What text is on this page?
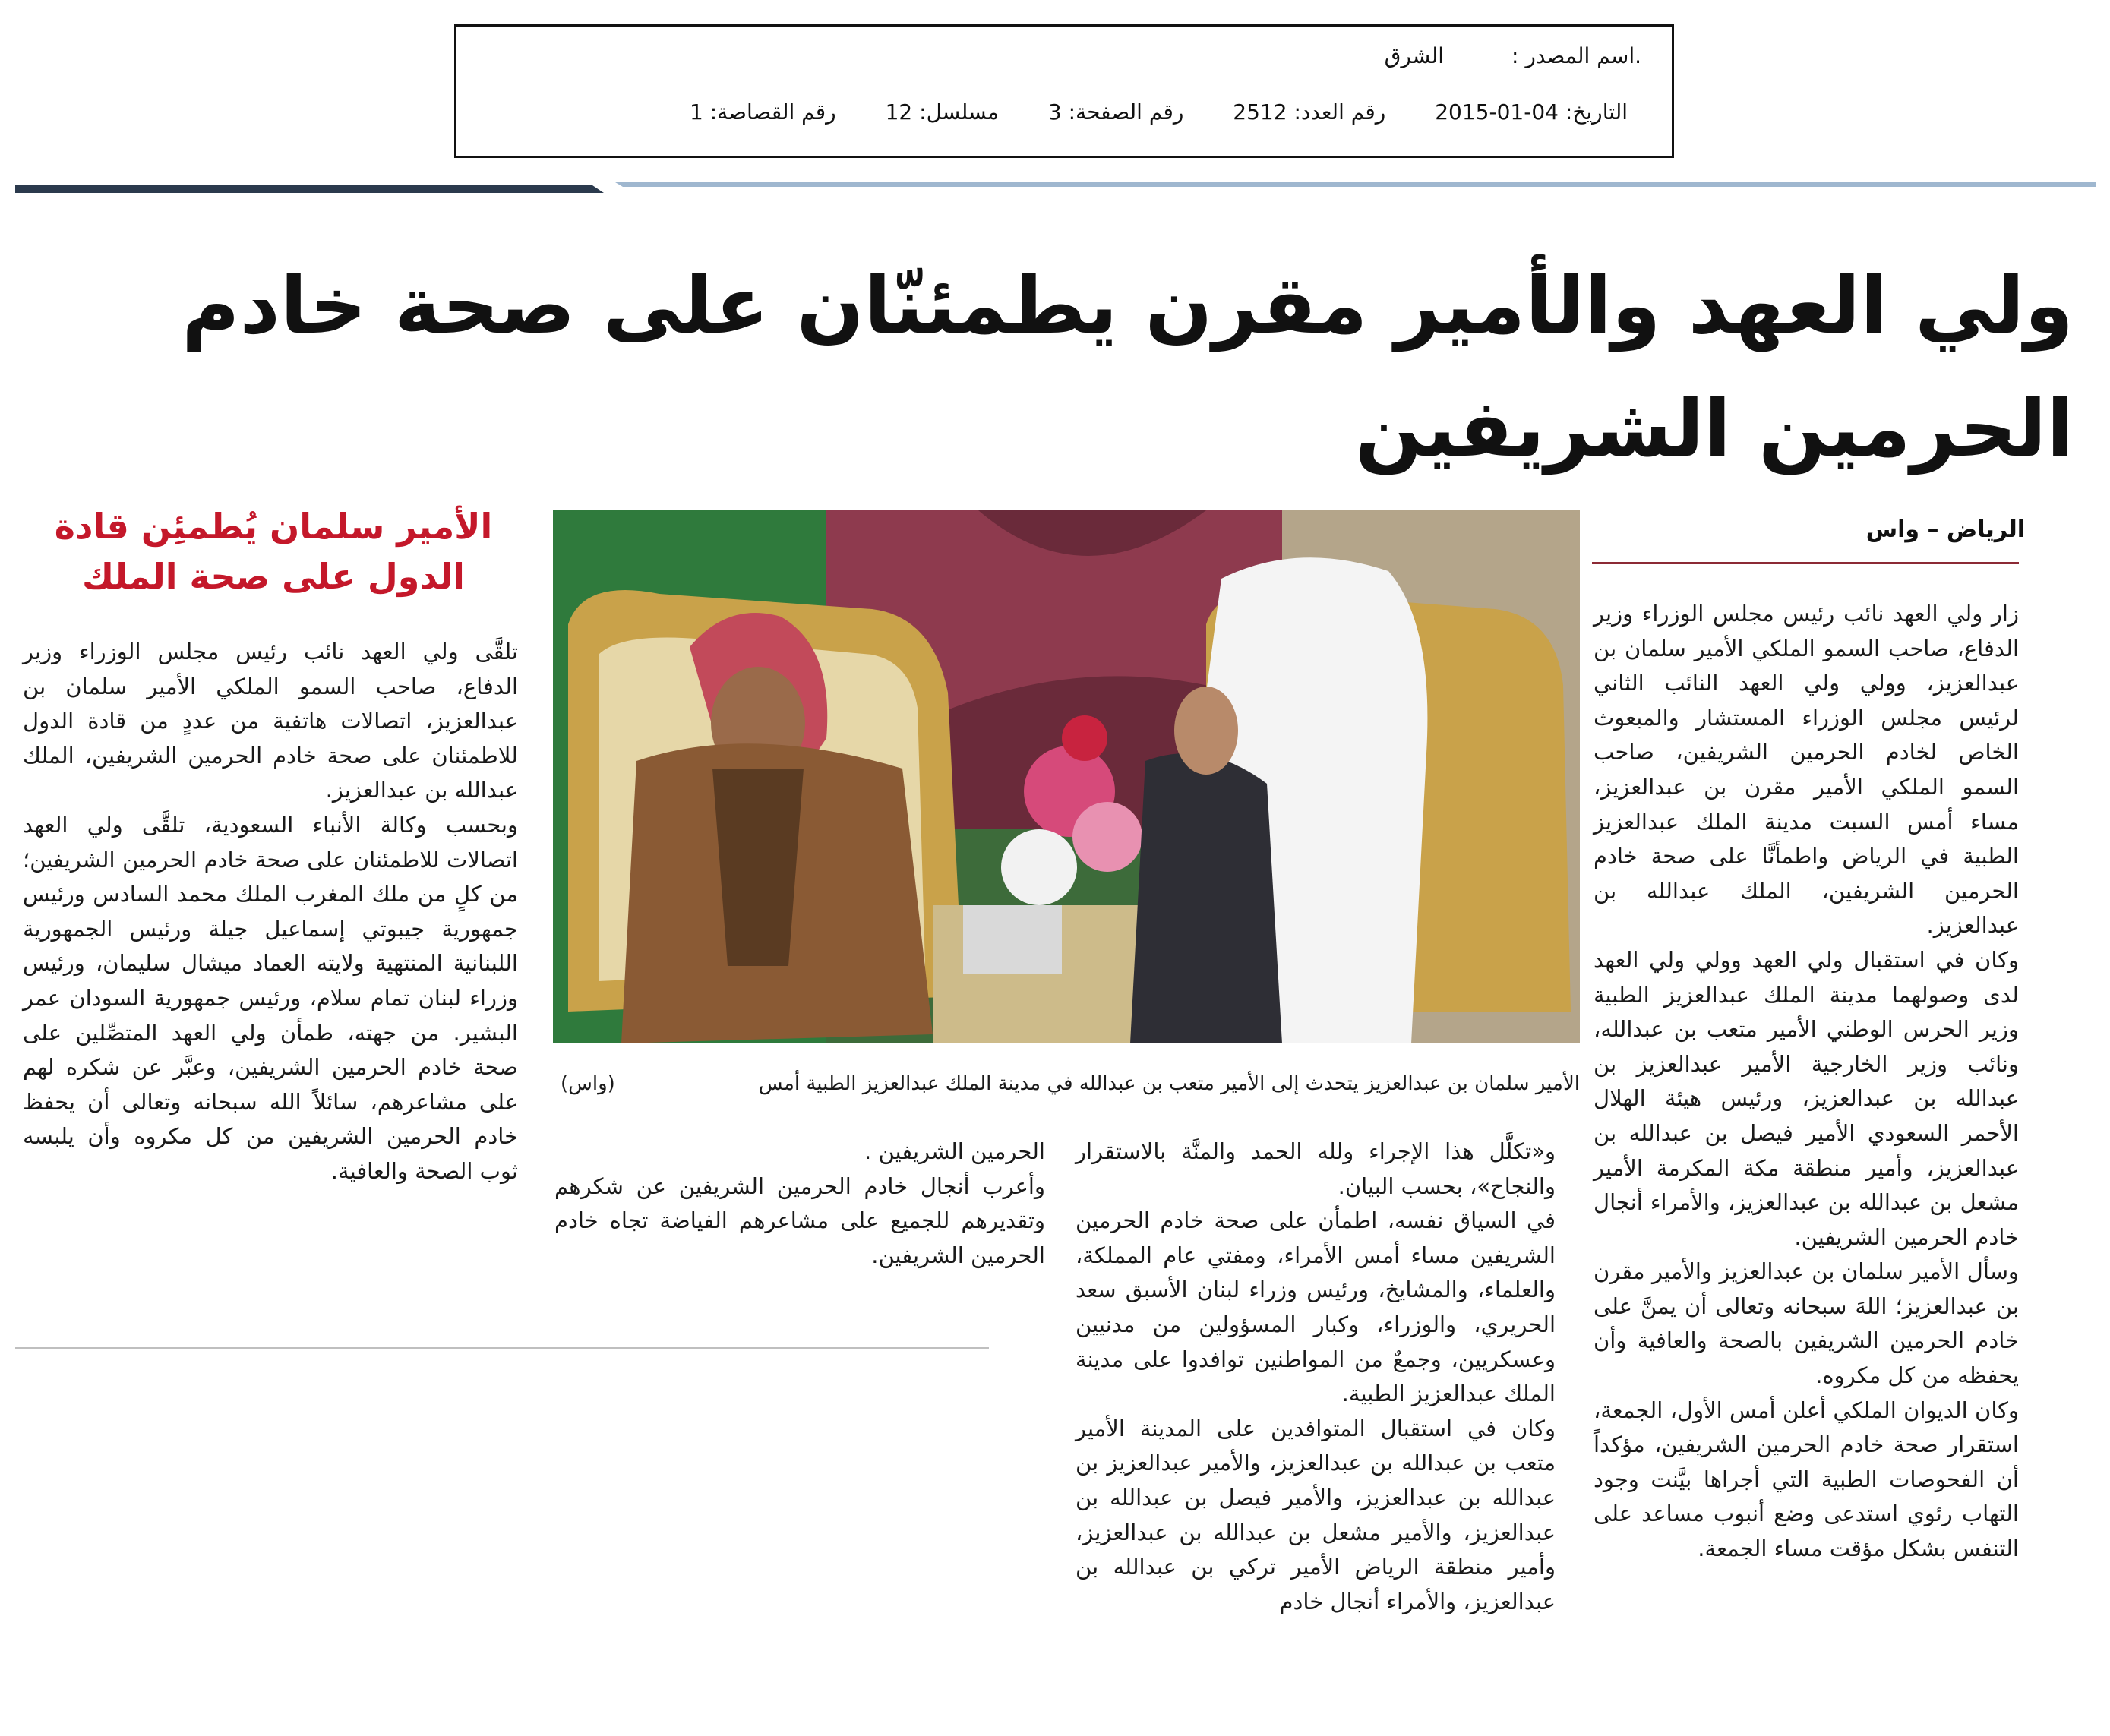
.اسم المصدر : الشرق
التاريخ: 04-01-2015 رقم العدد: 2512 رقم الصفحة: 3 مسلسل: 12 رقم القصاصة: 1
ولي العهد والأمير مقرن يطمئنّان على صحة خادم
الحرمين الشريفين
الرياض – واس

زار ولي العهد نائب رئيس مجلس الوزراء وزير الدفاع، صاحب السمو الملكي الأمير سلمان بن عبدالعزيز، وولي ولي العهد النائب الثاني لرئيس مجلس الوزراء المستشار والمبعوث الخاص لخادم الحرمين الشريفين، صاحب السمو الملكي الأمير مقرن بن عبدالعزيز، مساء أمس السبت مدينة الملك عبدالعزيز الطبية في الرياض واطمأنَّا على صحة خادم الحرمين الشريفين، الملك عبدالله بن عبدالعزيز.

وكان في استقبال ولي العهد وولي ولي العهد لدى وصولهما مدينة الملك عبدالعزيز الطبية وزير الحرس الوطني الأمير متعب بن عبدالله، ونائب وزير الخارجية الأمير عبدالعزيز بن عبدالله بن عبدالعزيز، ورئيس هيئة الهلال الأحمر السعودي الأمير فيصل بن عبدالله بن عبدالعزيز، وأمير منطقة مكة المكرمة الأمير مشعل بن عبدالله بن عبدالعزيز، والأمراء أنجال خادم الحرمين الشريفين.

وسأل الأمير سلمان بن عبدالعزيز والأمير مقرن بن عبدالعزيز؛ اللهَ سبحانه وتعالى أن يمنَّ على خادم الحرمين الشريفين بالصحة والعافية وأن يحفظه من كل مكروه.

وكان الديوان الملكي أعلن أمس الأول، الجمعة، استقرار صحة خادم الحرمين الشريفين، مؤكداً أن الفحوصات الطبية التي أجراها بيَّنت وجود التهاب رئوي استدعى وضع أنبوب مساعد على التنفس بشكل مؤقت مساء الجمعة.

الأمير سلمان بن عبدالعزيز يتحدث إلى الأمير متعب بن عبدالله في مدينة الملك عبدالعزيز الطبية أمس
(واس)

و«تكلَّل هذا الإجراء ولله الحمد والمنَّة بالاستقرار والنجاح»، بحسب البيان.

في السياق نفسه، اطمأن على صحة خادم الحرمين الشريفين مساء أمس الأمراء، ومفتي عام المملكة، والعلماء، والمشايخ، ورئيس وزراء لبنان الأسبق سعد الحريري، والوزراء، وكبار المسؤولين من مدنيين وعسكريين، وجمعٌ من المواطنين توافدوا على مدينة الملك عبدالعزيز الطبية.

وكان في استقبال المتوافدين على المدينة الأمير متعب بن عبدالله بن عبدالعزيز، والأمير عبدالعزيز بن عبدالله بن عبدالعزيز، والأمير فيصل بن عبدالله بن عبدالعزيز، والأمير مشعل بن عبدالله بن عبدالعزيز، وأمير منطقة الرياض الأمير تركي بن عبدالله بن عبدالعزيز، والأمراء أنجال خادم

الحرمين الشريفين .

وأعرب أنجال خادم الحرمين الشريفين عن شكرهم وتقديرهم للجميع على مشاعرهم الفياضة تجاه خادم الحرمين الشريفين.

الأمير سلمان يُطمئِن قادة
الدول على صحة الملك

تلقَّى ولي العهد نائب رئيس مجلس الوزراء وزير الدفاع، صاحب السمو الملكي الأمير سلمان بن عبدالعزيز، اتصالات هاتفية من عددٍ من قادة الدول للاطمئنان على صحة خادم الحرمين الشريفين، الملك عبدالله بن عبدالعزيز.

وبحسب وكالة الأنباء السعودية، تلقَّى ولي العهد اتصالات للاطمئنان على صحة خادم الحرمين الشريفين؛ من كلٍ من ملك المغرب الملك محمد السادس ورئيس جمهورية جيبوتي إسماعيل جيلة ورئيس الجمهورية اللبنانية المنتهية ولايته العماد ميشال سليمان، ورئيس وزراء لبنان تمام سلام، ورئيس جمهورية السودان عمر البشير. من جهته، طمأن ولي العهد المتصِّلين على صحة خادم الحرمين الشريفين، وعبَّر عن شكره لهم على مشاعرهم، سائلاً الله سبحانه وتعالى أن يحفظ خادم الحرمين الشريفين من كل مكروه وأن يلبسه ثوب الصحة والعافية.
